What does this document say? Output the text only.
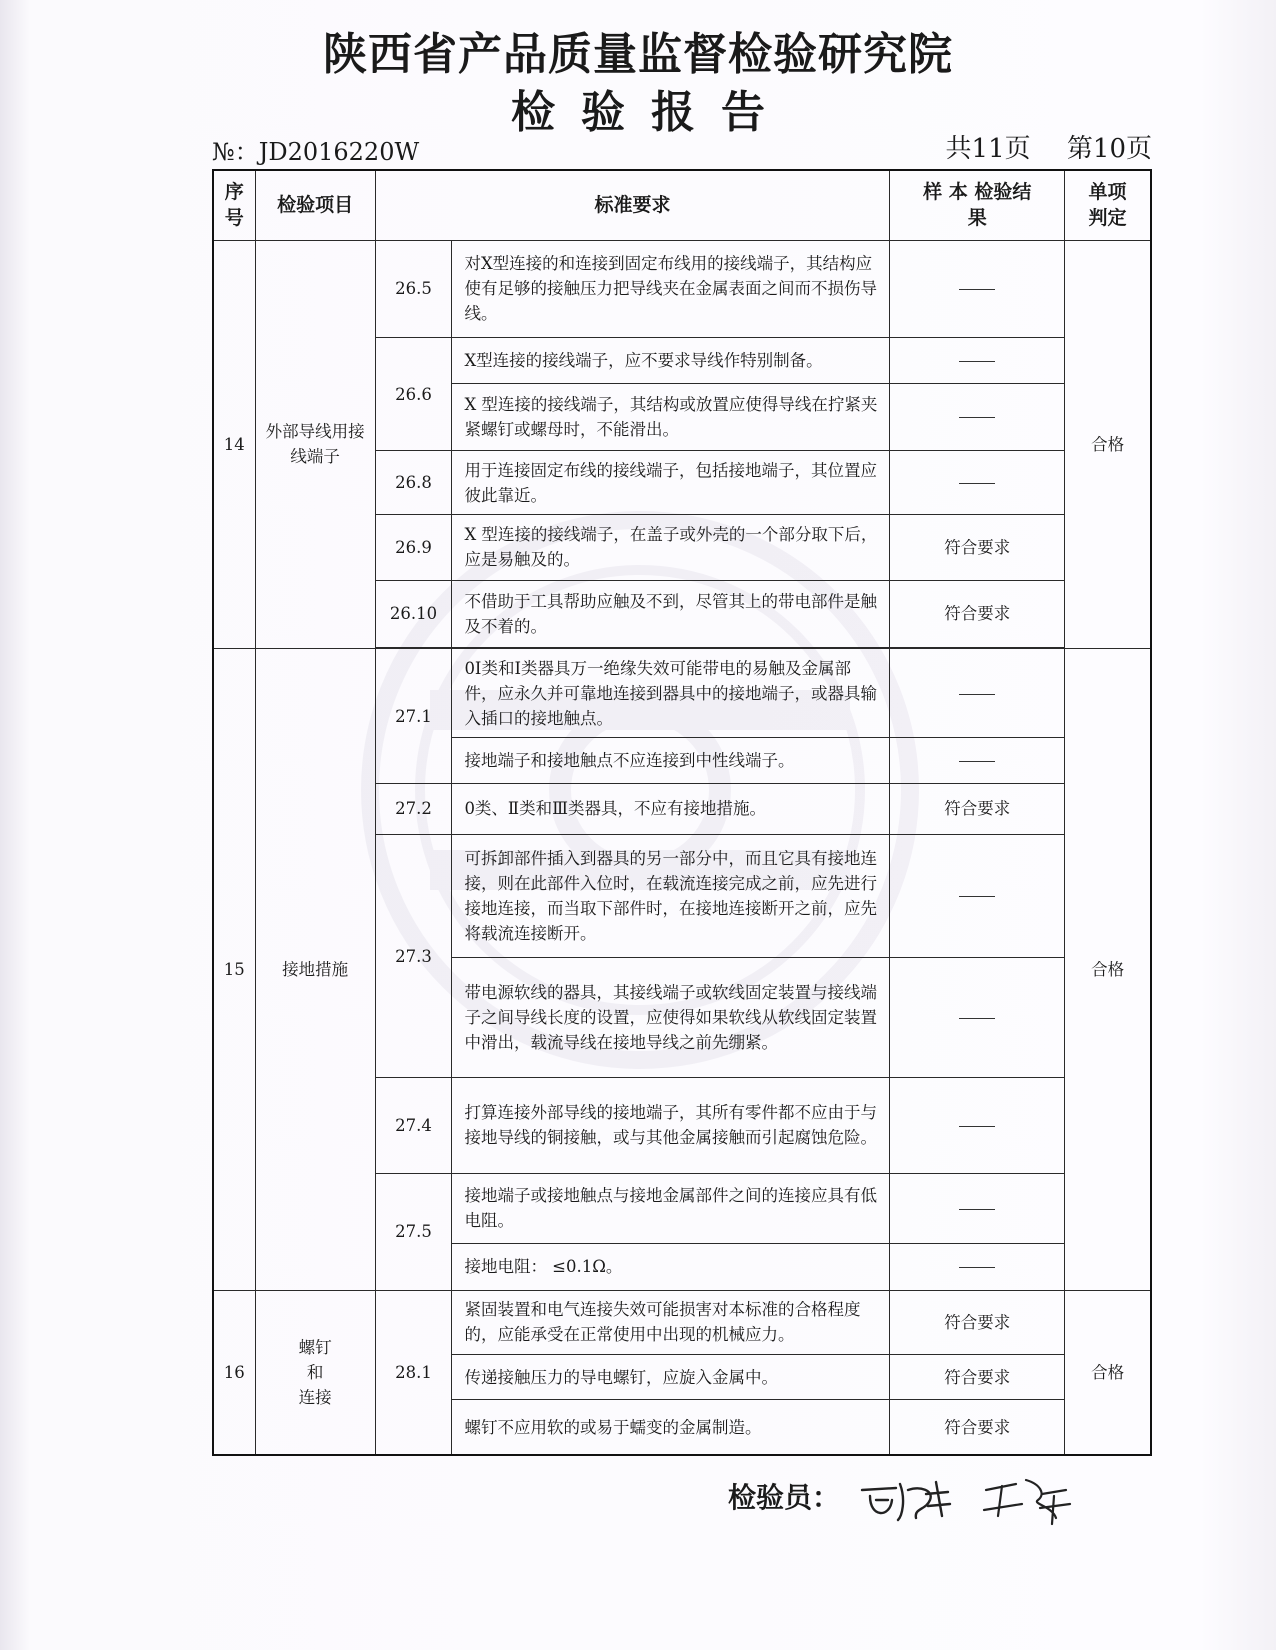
陕西省产品质量监督检验研究院
检验报告
№：JD2016220W	共11页 第10页
序号	检验项目	标准要求		样 本 检验结果	单项 判定
14	外部导线用接线端子	26.5	对X型连接的和连接到固定布线用的接线端子，其结构应使有足够的接触压力把导线夹在金属表面之间而不损伤导线。		合格
		26.6	X型连接的接线端子，应不要求导线作特别制备。		
			X 型连接的接线端子，其结构或放置应使得导线在拧紧夹紧螺钉或螺母时，不能滑出。		
		26.8	用于连接固定布线的接线端子，包括接地端子，其位置应彼此靠近。		
		26.9	X 型连接的接线端子，在盖子或外壳的一个部分取下后，应是易触及的。	符合要求	
		26.10	不借助于工具帮助应触及不到，尽管其上的带电部件是触及不着的。	符合要求	

15	接地措施	27.1	0Ⅰ类和Ⅰ类器具万一绝缘失效可能带电的易触及金属部件，应永久并可靠地连接到器具中的接地端子，或器具输入插口的接地触点。		合格
			接地端子和接地触点不应连接到中性线端子。		
		27.2	0类、Ⅱ类和Ⅲ类器具，不应有接地措施。	符合要求	
		27.3	可拆卸部件插入到器具的另一部分中，而且它具有接地连接，则在此部件入位时，在载流连接完成之前，应先进行接地连接，而当取下部件时，在接地连接断开之前，应先将载流连接断开。		
			带电源软线的器具，其接线端子或软线固定装置与接线端子之间导线长度的设置，应使得如果软线从软线固定装置中滑出，载流导线在接地导线之前先绷紧。		
		27.4	打算连接外部导线的接地端子，其所有零件都不应由于与接地导线的铜接触，或与其他金属接触而引起腐蚀危险。		
		27.5	接地端子或接地触点与接地金属部件之间的连接应具有低电阻。		
			接地电阻： ≤0.1Ω。		
16	螺钉
和
连接	28.1	紧固装置和电气连接失效可能损害对本标准的合格程度的，应能承受在正常使用中出现的机械应力。	符合要求	合格
			传递接触压力的导电螺钉，应旋入金属中。	符合要求	
			螺钉不应用软的或易于蠕变的金属制造。	符合要求	
检验员：
